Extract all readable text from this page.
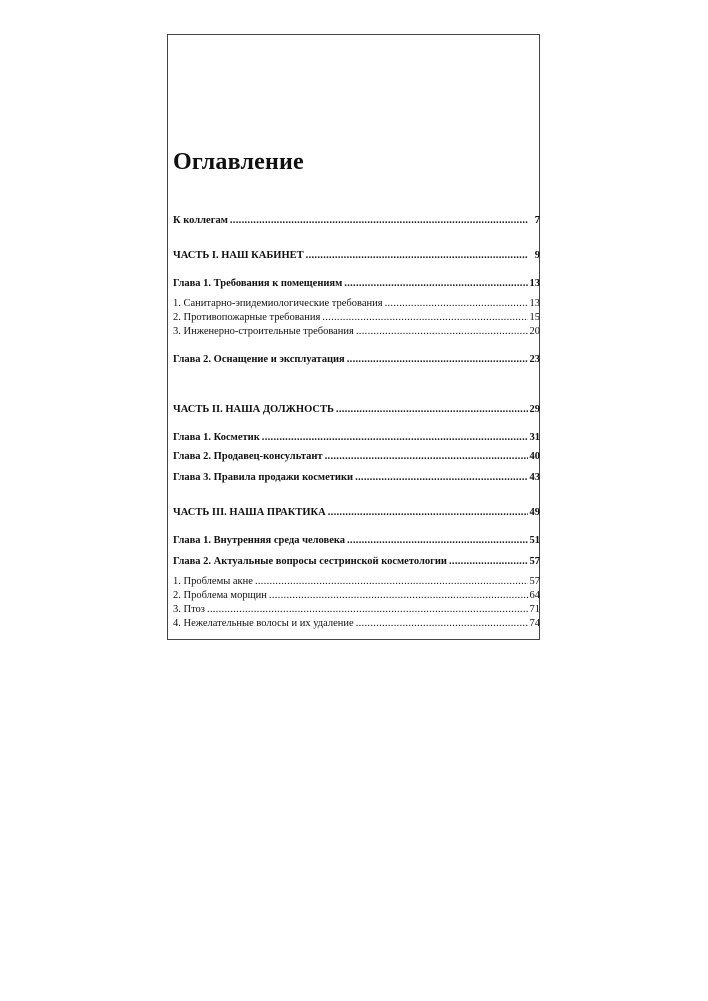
Оглавление
К коллегам .....	7
ЧАСТЬ I. НАШ КАБИНЕТ .....	9
Глава 1. Требования к помещениям .....	13
1. Санитарно-эпидемиологические требования .....	13
2. Противопожарные требования .....	15
3. Инженерно-строительные требования .....	20
Глава 2. Оснащение и эксплуатация .....	23
ЧАСТЬ II. НАША ДОЛЖНОСТЬ .....	29
Глава 1. Косметик .....	31
Глава 2. Продавец-консультант .....	40
Глава 3. Правила продажи косметики .....	43
ЧАСТЬ III. НАША ПРАКТИКА .....	49
Глава 1. Внутренняя среда человека .....	51
Глава 2. Актуальные вопросы сестринской косметологии .....	57
1. Проблемы акне .....	57
2. Проблема морщин .....	64
3. Птоз .....	71
4. Нежелательные волосы и их удаление .....	74
